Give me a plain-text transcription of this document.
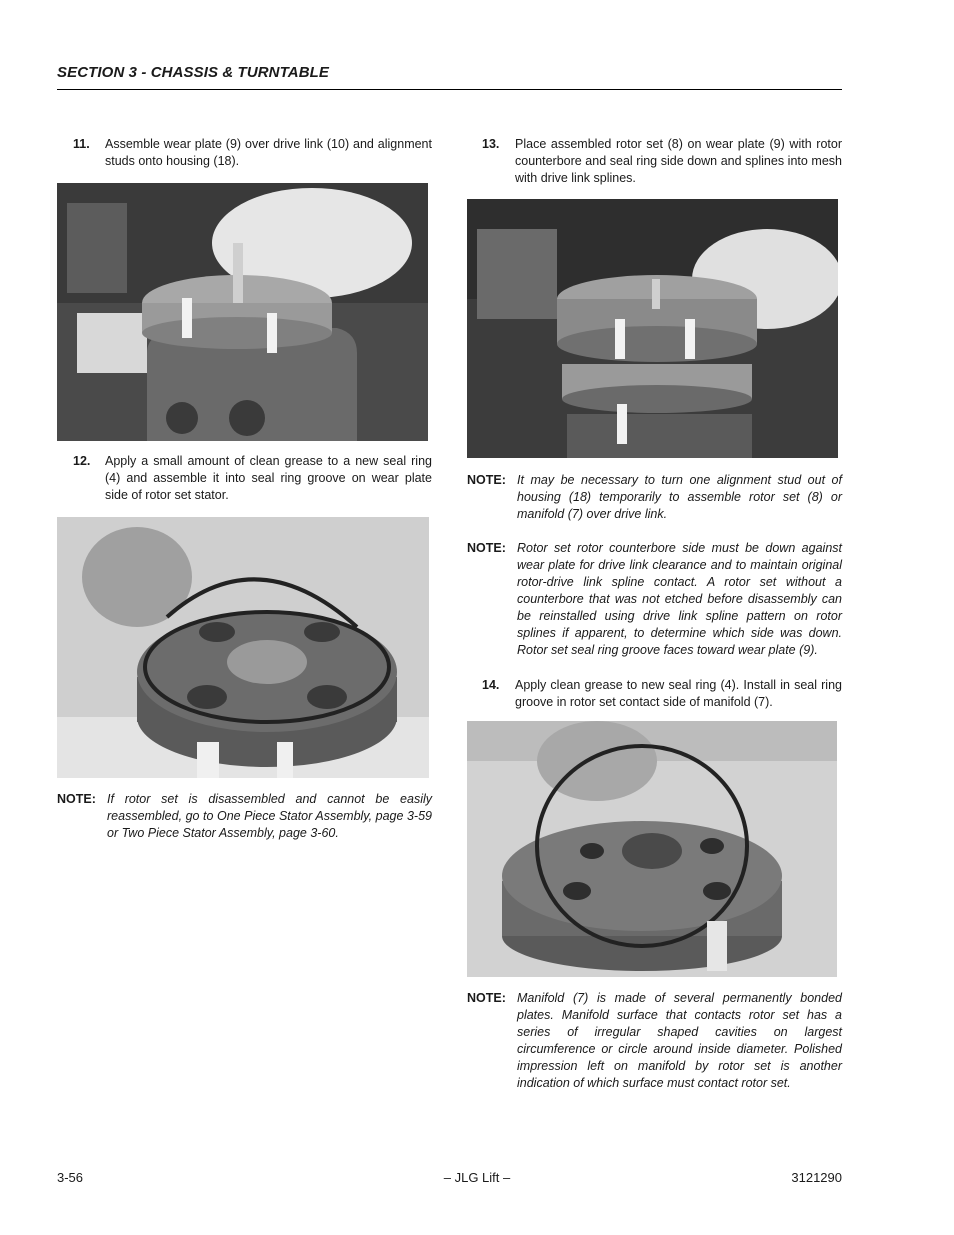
SECTION 3 - CHASSIS & TURNTABLE
11. Assemble wear plate (9) over drive link (10) and alignment studs onto housing (18).
12. Apply a small amount of clean grease to a new seal ring (4) and assemble it into seal ring groove on wear plate side of rotor set stator.
NOTE: If rotor set is disassembled and cannot be easily reassembled, go to One Piece Stator Assembly, page 3-59 or Two Piece Stator Assembly, page 3-60.
13. Place assembled rotor set (8) on wear plate (9) with rotor counterbore and seal ring side down and splines into mesh with drive link splines.
NOTE: It may be necessary to turn one alignment stud out of housing (18) temporarily to assemble rotor set (8) or manifold (7) over drive link.
NOTE: Rotor set rotor counterbore side must be down against wear plate for drive link clearance and to maintain original rotor-drive link spline contact. A rotor set without a counterbore that was not etched before disassembly can be reinstalled using drive link spline pattern on rotor splines if apparent, to determine which side was down. Rotor set seal ring groove faces toward wear plate (9).
14. Apply clean grease to new seal ring (4). Install in seal ring groove in rotor set contact side of manifold (7).
NOTE: Manifold (7) is made of several permanently bonded plates. Manifold surface that contacts rotor set has a series of irregular shaped cavities on largest circumference or circle around inside diameter. Polished impression left on manifold by rotor set is another indication of which surface must contact rotor set.
3-56	– JLG Lift –	3121290
